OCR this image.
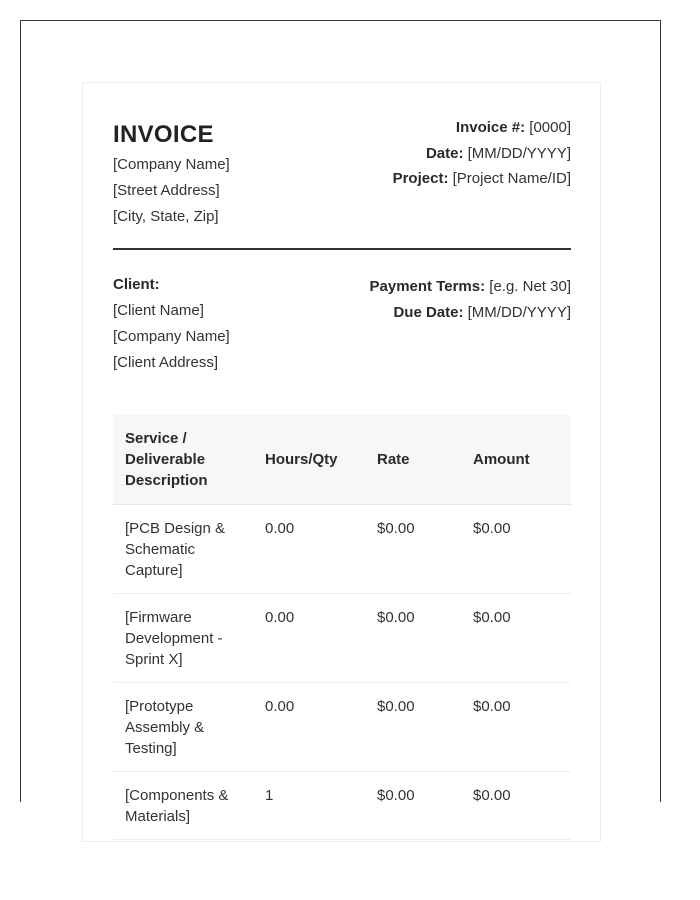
INVOICE
[Company Name]
[Street Address]
[City, State, Zip]
Invoice #: [0000]
Date: [MM/DD/YYYY]
Project: [Project Name/ID]
Client:
[Client Name]
[Company Name]
[Client Address]
Payment Terms: [e.g. Net 30]
Due Date: [MM/DD/YYYY]
Service / Deliverable Description	Hours/Qty	Rate	Amount
[PCB Design & Schematic Capture]	0.00	$0.00	$0.00
[Firmware Development - Sprint X]	0.00	$0.00	$0.00
[Prototype Assembly & Testing]	0.00	$0.00	$0.00
[Components & Materials]	1	$0.00	$0.00
